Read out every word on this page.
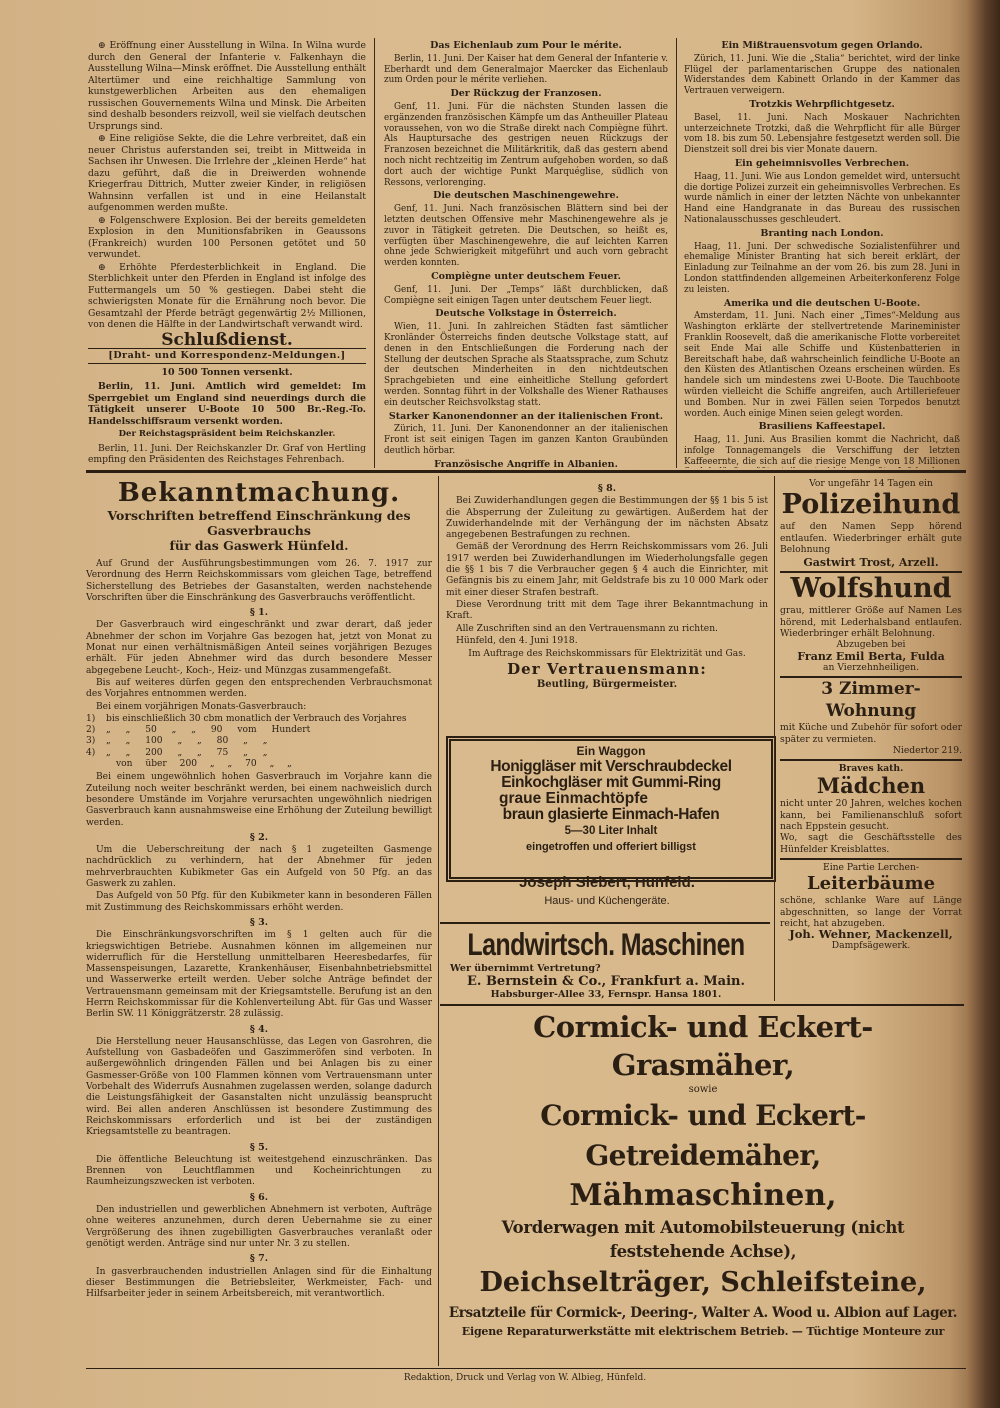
⊕ Eröffnung einer Ausstellung in Wilna. In Wilna wurde durch den General der Infanterie v. Falkenhayn die Ausstellung Wilna—Minsk eröffnet. Die Ausstellung enthält Altertümer und eine reichhaltige Sammlung von kunstgewerblichen Arbeiten aus den ehemaligen russischen Gouvernements Wilna und Minsk. Die Arbeiten sind deshalb besonders reizvoll, weil sie vielfach deutschen Ursprungs sind.

⊕ Eine religiöse Sekte, die die Lehre verbreitet, daß ein neuer Christus auferstanden sei, treibt in Mittweida in Sachsen ihr Unwesen. Die Irrlehre der „kleinen Herde“ hat dazu geführt, daß die in Dreiwerden wohnende Kriegerfrau Dittrich, Mutter zweier Kinder, in religiösen Wahnsinn verfallen ist und in eine Heilanstalt aufgenommen werden mußte.

⊕ Folgenschwere Explosion. Bei der bereits gemeldeten Explosion in den Munitionsfabriken in Geaussons (Frankreich) wurden 100 Personen getötet und 50 verwundet.

⊕ Erhöhte Pferdesterblichkeit in England. Die Sterblichkeit unter den Pferden in England ist infolge des Futtermangels um 50 % gestiegen. Dabei steht die schwierigsten Monate für die Ernährung noch bevor. Die Gesamtzahl der Pferde beträgt gegenwärtig 2½ Millionen, von denen die Hälfte in der Landwirtschaft verwandt wird.

Schlußdienst.
[Draht- und Korrespondenz-Meldungen.]
10 500 Tonnen versenkt.

Berlin, 11. Juni. Amtlich wird gemeldet: Im Sperrgebiet um England sind neuerdings durch die Tätigkeit unserer U-Boote 10 500 Br.-Reg.-To. Handelsschiffsraum versenkt worden.

Der Reichstagspräsident beim Reichskanzler.

Berlin, 11. Juni. Der Reichskanzler Dr. Graf von Hertling empfing den Präsidenten des Reichstages Fehrenbach.

Das Eichenlaub zum Pour le mérite.

Berlin, 11. Juni. Der Kaiser hat dem General der Infanterie v. Eberhardt und dem Generalmajor Maercker das Eichenlaub zum Orden pour le mérite verliehen.

Der Rückzug der Franzosen.

Genf, 11. Juni. Für die nächsten Stunden lassen die ergänzenden französischen Kämpfe um das Antheuiller Plateau voraussehen, von wo die Straße direkt nach Compiègne führt. Als Hauptursache des gestrigen neuen Rückzugs der Franzosen bezeichnet die Militärkritik, daß das gestern abend noch nicht rechtzeitig im Zentrum aufgehoben worden, so daß dort auch der wichtige Punkt Marquéglise, südlich von Ressons, verlorenging.

Die deutschen Maschinengewehre.

Genf, 11. Juni. Nach französischen Blättern sind bei der letzten deutschen Offensive mehr Maschinengewehre als je zuvor in Tätigkeit getreten. Die Deutschen, so heißt es, verfügten über Maschinengewehre, die auf leichten Karren ohne jede Schwierigkeit mitgeführt und auch vorn gebracht werden konnten.

Compiègne unter deutschem Feuer.

Genf, 11. Juni. Der „Temps“ läßt durchblicken, daß Compiègne seit einigen Tagen unter deutschem Feuer liegt.

Deutsche Volkstage in Österreich.

Wien, 11. Juni. In zahlreichen Städten fast sämtlicher Kronländer Österreichs finden deutsche Volkstage statt, auf denen in den Entschließungen die Forderung nach der Stellung der deutschen Sprache als Staatssprache, zum Schutz der deutschen Minderheiten in den nichtdeutschen Sprachgebieten und eine einheitliche Stellung gefordert werden. Sonntag führt in der Volkshalle des Wiener Rathauses ein deutscher Reichsvolkstag statt.

Starker Kanonendonner an der italienischen Front.

Zürich, 11. Juni. Der Kanonendonner an der italienischen Front ist seit einigen Tagen im ganzen Kanton Graubünden deutlich hörbar.

Französische Angriffe in Albanien.

Ein Mißtrauensvotum gegen Orlando.

Zürich, 11. Juni. Wie die „Stalia“ berichtet, wird der linke Flügel der parlamentarischen Gruppe des nationalen Widerstandes dem Kabinett Orlando in der Kammer das Vertrauen verweigern.

Trotzkis Wehrpflichtgesetz.

Basel, 11. Juni. Nach Moskauer Nachrichten unterzeichnete Trotzki, daß die Wehrpflicht für alle Bürger vom 18. bis zum 50. Lebensjahre festgesetzt werden soll. Die Dienstzeit soll drei bis vier Monate dauern.

Ein geheimnisvolles Verbrechen.

Haag, 11. Juni. Wie aus London gemeldet wird, untersucht die dortige Polizei zurzeit ein geheimnisvolles Verbrechen. Es wurde nämlich in einer der letzten Nächte von unbekannter Hand eine Handgranate in das Bureau des russischen Nationalausschusses geschleudert.

Branting nach London.

Haag, 11. Juni. Der schwedische Sozialistenführer und ehemalige Minister Branting hat sich bereit erklärt, der Einladung zur Teilnahme an der vom 26. bis zum 28. Juni in London stattfindenden allgemeinen Arbeiterkonferenz Folge zu leisten.

Amerika und die deutschen U-Boote.

Amsterdam, 11. Juni. Nach einer „Times“-Meldung aus Washington erklärte der stellvertretende Marineminister Franklin Roosevelt, daß die amerikanische Flotte vorbereitet seit Ende Mai alle Schiffe und Küstenbatterien in Bereitschaft habe, daß wahrscheinlich feindliche U-Boote an den Küsten des Atlantischen Ozeans erscheinen würden. Es handele sich um mindestens zwei U-Boote. Die Tauchboote würden vielleicht die Schiffe angreifen, auch Artilleriefeuer und Bomben. Nur in zwei Fällen seien Torpedos benutzt worden. Auch einige Minen seien gelegt worden.

Brasiliens Kaffeestapel.

Haag, 11. Juni. Aus Brasilien kommt die Nachricht, daß infolge Tonnagemangels die Verschiffung der letzten Kaffeeernte, die sich auf die riesige Menge von 18 Millionen

Bekanntmachung.
Vorschriften betreffend Einschränkung des Gasverbrauchs
für das Gaswerk Hünfeld.

Auf Grund der Ausführungsbestimmungen vom 26. 7. 1917 zur Verordnung des Herrn Reichskommissars vom gleichen Tage, betreffend Sicherstellung des Betriebes der Gasanstalten, werden nachstehende Vorschriften über die Einschränkung des Gasverbrauchs veröffentlicht.

§ 1.

Der Gasverbrauch wird eingeschränkt und zwar derart, daß jeder Abnehmer der schon im Vorjahre Gas bezogen hat, jetzt von Monat zu Monat nur einen verhältnismäßigen Anteil seines vorjährigen Bezuges erhält. Für jeden Abnehmer wird das durch besondere Messer abgegebene Leucht-, Koch-, Heiz- und Münzgas zusammengefaßt.

Bis auf weiteres dürfen gegen den entsprechenden Verbrauchsmonat des Vorjahres entnommen werden.

Bei einem vorjährigen Monats-Gasverbrauch:

1)	bis einschließlich 30 cbm monatlich der Verbrauch des Vorjahres
2)	„ „ 50 „ „ 90 vom Hundert
3)	„ „ 100 „ „ 80 „ „
4)	„ „ 200 „ „ 75 „ „
von über 200 „ „ 70 „ „

Bei einem ungewöhnlich hohen Gasverbrauch im Vorjahre kann die Zuteilung noch weiter beschränkt werden, bei einem nachweislich durch besondere Umstände im Vorjahre verursachten ungewöhnlich niedrigen Gasverbrauch kann ausnahmsweise eine Erhöhung der Zuteilung bewilligt werden.

§ 2.

Um die Ueberschreitung der nach § 1 zugeteilten Gasmenge nachdrücklich zu verhindern, hat der Abnehmer für jeden mehrverbrauchten Kubikmeter Gas ein Aufgeld von 50 Pfg. an das Gaswerk zu zahlen.

Das Aufgeld von 50 Pfg. für den Kubikmeter kann in besonderen Fällen mit Zustimmung des Reichskommissars erhöht werden.

§ 3.

Die Einschränkungsvorschriften im § 1 gelten auch für die kriegswichtigen Betriebe. Ausnahmen können im allgemeinen nur widerruflich für die Herstellung unmittelbaren Heeresbedarfes, für Massenspeisungen, Lazarette, Krankenhäuser, Eisenbahnbetriebsmittel und Wasserwerke erteilt werden. Ueber solche Anträge befindet der Vertrauensmann gemeinsam mit der Kriegsamtstelle. Berufung ist an den Herrn Reichskommissar für die Kohlenverteilung Abt. für Gas und Wasser Berlin SW. 11 Königgrätzerstr. 28 zulässig.

§ 4.

Die Herstellung neuer Hausanschlüsse, das Legen von Gasrohren, die Aufstellung von Gasbadeöfen und Gaszimmeröfen sind verboten. In außergewöhnlich dringenden Fällen und bei Anlagen bis zu einer Gasmesser-Größe von 100 Flammen können vom Vertrauensmann unter Vorbehalt des Widerrufs Ausnahmen zugelassen werden, solange dadurch die Leistungsfähigkeit der Gasanstalten nicht unzulässig beansprucht wird. Bei allen anderen Anschlüssen ist besondere Zustimmung des Reichskommissars erforderlich und ist bei der zuständigen Kriegsamtstelle zu beantragen.

§ 5.

Die öffentliche Beleuchtung ist weitestgehend einzuschränken. Das Brennen von Leuchtflammen und Kocheinrichtungen zu Raumheizungszwecken ist verboten.

§ 6.

Den industriellen und gewerblichen Abnehmern ist verboten, Aufträge ohne weiteres anzunehmen, durch deren Uebernahme sie zu einer Vergrößerung des ihnen zugebilligten Gasverbrauches veranlaßt oder genötigt werden. Anträge sind nur unter Nr. 3 zu stellen.

§ 7.

In gasverbrauchenden industriellen Anlagen sind für die Einhaltung dieser Bestimmungen die Betriebsleiter, Werkmeister, Fach- und Hilfsarbeiter jeder in seinem Arbeitsbereich, mit verantwortlich.

§ 8.

Bei Zuwiderhandlungen gegen die Bestimmungen der §§ 1 bis 5 ist die Absperrung der Zuleitung zu gewärtigen. Außerdem hat der Zuwiderhandelnde mit der Verhängung der im nächsten Absatz angegebenen Bestrafungen zu rechnen.

Gemäß der Verordnung des Herrn Reichskommissars vom 26. Juli 1917 werden bei Zuwiderhandlungen im Wiederholungsfalle gegen die §§ 1 bis 7 die Verbraucher gegen § 4 auch die Einrichter, mit Gefängnis bis zu einem Jahr, mit Geldstrafe bis zu 10 000 Mark oder mit einer dieser Strafen bestraft.

Diese Verordnung tritt mit dem Tage ihrer Bekanntmachung in Kraft.

Alle Zuschriften sind an den Vertrauensmann zu richten.

Hünfeld, den 4. Juni 1918.

Im Auftrage des Reichskommissars für Elektrizität und Gas.
Der Vertrauensmann:
Beutling, Bürgermeister.
Ein Waggon
Honiggläser mit Verschraubdeckel
Einkochgläser mit Gummi-Ring
graue Einmachtöpfe
braun glasierte Einmach-Hafen
5—30 Liter Inhalt
eingetroffen und offeriert billigst
Joseph Siebert, Hünfeld.
Haus- und Küchengeräte.
Landwirtsch. Maschinen
Wer übernimmt Vertretung?
E. Bernstein & Co., Frankfurt a. Main.
Habsburger-Allee 33, Fernspr. Hansa 1801.
Vor ungefähr 14 Tagen ein
Polizeihund
auf den Namen Sepp hörend entlaufen. Wiederbringer erhält gute Belohnung
Gastwirt Trost, Arzell.
Wolfshund
grau, mittlerer Größe auf Namen Les hörend, mit Lederhalsband entlaufen. Wiederbringer erhält Belohnung.
Abzugeben bei
Franz Emil Berta, Fulda
an Vierzehnheiligen.
3 Zimmer-Wohnung
mit Küche und Zubehör für sofort oder später zu vermieten.
Niedertor 219.
Braves kath.
Mädchen
nicht unter 20 Jahren, welches kochen kann, bei Familienanschluß sofort nach Eppstein gesucht.
Wo, sagt die Geschäftsstelle des Hünfelder Kreisblattes.
Eine Partie Lerchen-
Leiterbäume
schöne, schlanke Ware auf Länge abgeschnitten, so lange der Vorrat reicht, hat abzugeben.
Joh. Wehner, Mackenzell,
Dampfsägewerk.
Cormick- und Eckert-Grasmäher,
sowie
Cormick- und Eckert-Getreidemäher,
Mähmaschinen,
Vorderwagen mit Automobilsteuerung (nicht feststehende Achse),
Deichselträger, Schleifsteine,
Ersatzteile für Cormick-, Deering-, Walter A. Wood u. Albion auf Lager.
Eigene Reparaturwerkstätte mit elektrischem Betrieb. — Tüchtige Monteure zur
Redaktion, Druck und Verlag von W. Albieg, Hünfeld.
